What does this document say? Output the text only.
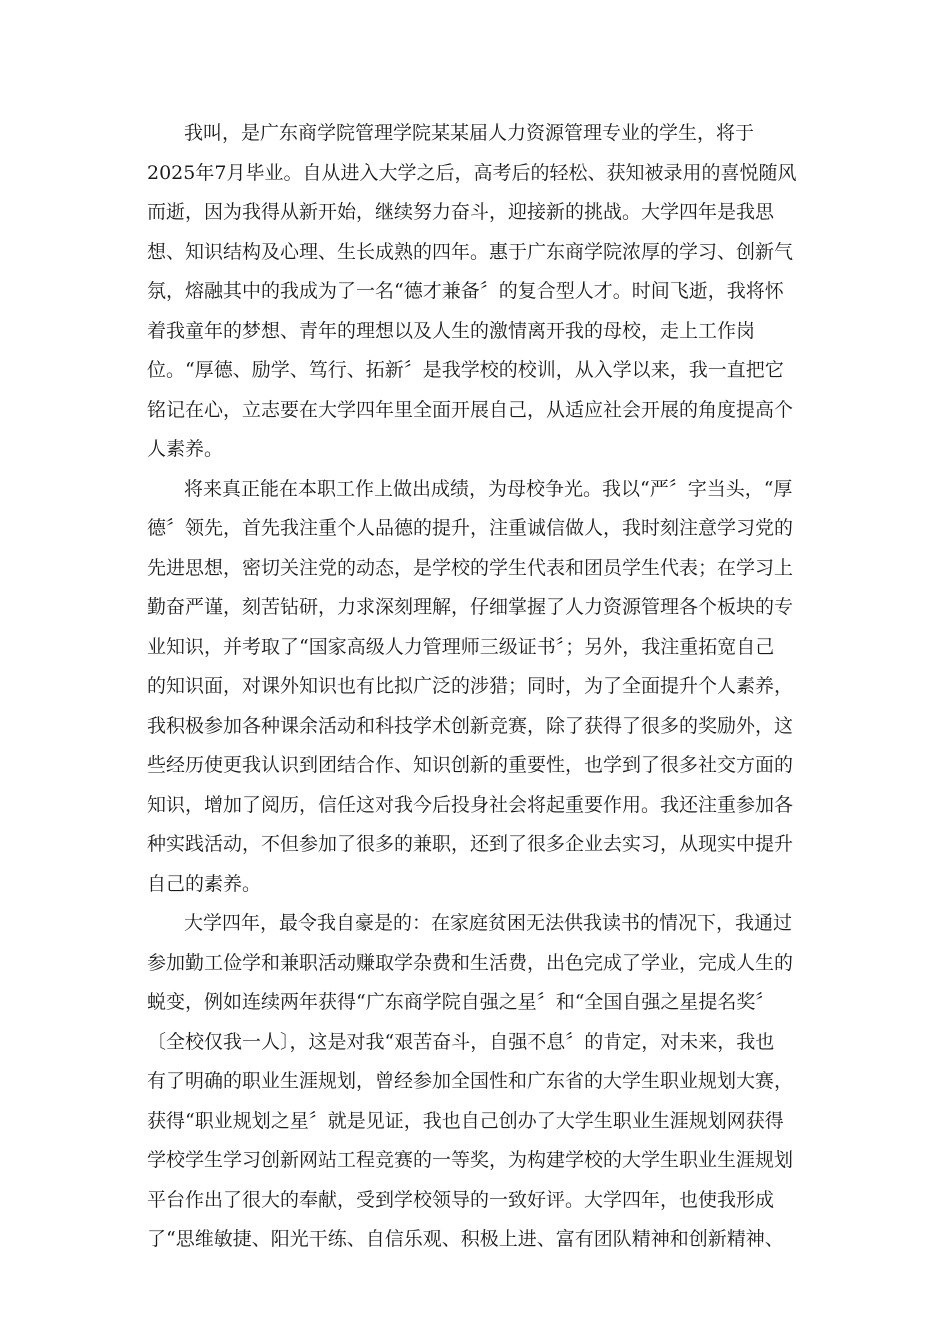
我叫，是广东商学院管理学院某某届人力资源管理专业的学生，将于
2025年7月毕业。自从进入大学之后，高考后的轻松、获知被录用的喜悦随风
而逝，因为我得从新开始，继续努力奋斗，迎接新的挑战。大学四年是我思
想、知识结构及心理、生长成熟的四年。惠于广东商学院浓厚的学习、创新气
氛，熔融其中的我成为了一名“德才兼备〞的复合型人才。时间飞逝，我将怀
着我童年的梦想、青年的理想以及人生的激情离开我的母校，走上工作岗
位。“厚德、励学、笃行、拓新〞是我学校的校训，从入学以来，我一直把它
铭记在心，立志要在大学四年里全面开展自己，从适应社会开展的角度提高个
人素养。
将来真正能在本职工作上做出成绩，为母校争光。我以“严〞字当头，“厚
德〞领先，首先我注重个人品德的提升，注重诚信做人，我时刻注意学习党的
先进思想，密切关注党的动态，是学校的学生代表和团员学生代表；在学习上
勤奋严谨，刻苦钻研，力求深刻理解，仔细掌握了人力资源管理各个板块的专
业知识，并考取了“国家高级人力管理师三级证书〞；另外，我注重拓宽自己
的知识面，对课外知识也有比拟广泛的涉猎；同时，为了全面提升个人素养，
我积极参加各种课余活动和科技学术创新竞赛，除了获得了很多的奖励外，这
些经历使更我认识到团结合作、知识创新的重要性，也学到了很多社交方面的
知识，增加了阅历，信任这对我今后投身社会将起重要作用。我还注重参加各
种实践活动，不但参加了很多的兼职，还到了很多企业去实习，从现实中提升
自己的素养。
大学四年，最令我自豪是的：在家庭贫困无法供我读书的情况下，我通过
参加勤工俭学和兼职活动赚取学杂费和生活费，出色完成了学业，完成人生的
蜕变，例如连续两年获得“广东商学院自强之星〞和“全国自强之星提名奖〞
〔全校仅我一人〕，这是对我“艰苦奋斗，自强不息〞的肯定，对未来，我也
有了明确的职业生涯规划，曾经参加全国性和广东省的大学生职业规划大赛，
获得“职业规划之星〞就是见证，我也自己创办了大学生职业生涯规划网获得
学校学生学习创新网站工程竞赛的一等奖，为构建学校的大学生职业生涯规划
平台作出了很大的奉献，受到学校领导的一致好评。大学四年，也使我形成
了“思维敏捷、阳光干练、自信乐观、积极上进、富有团队精神和创新精神、
